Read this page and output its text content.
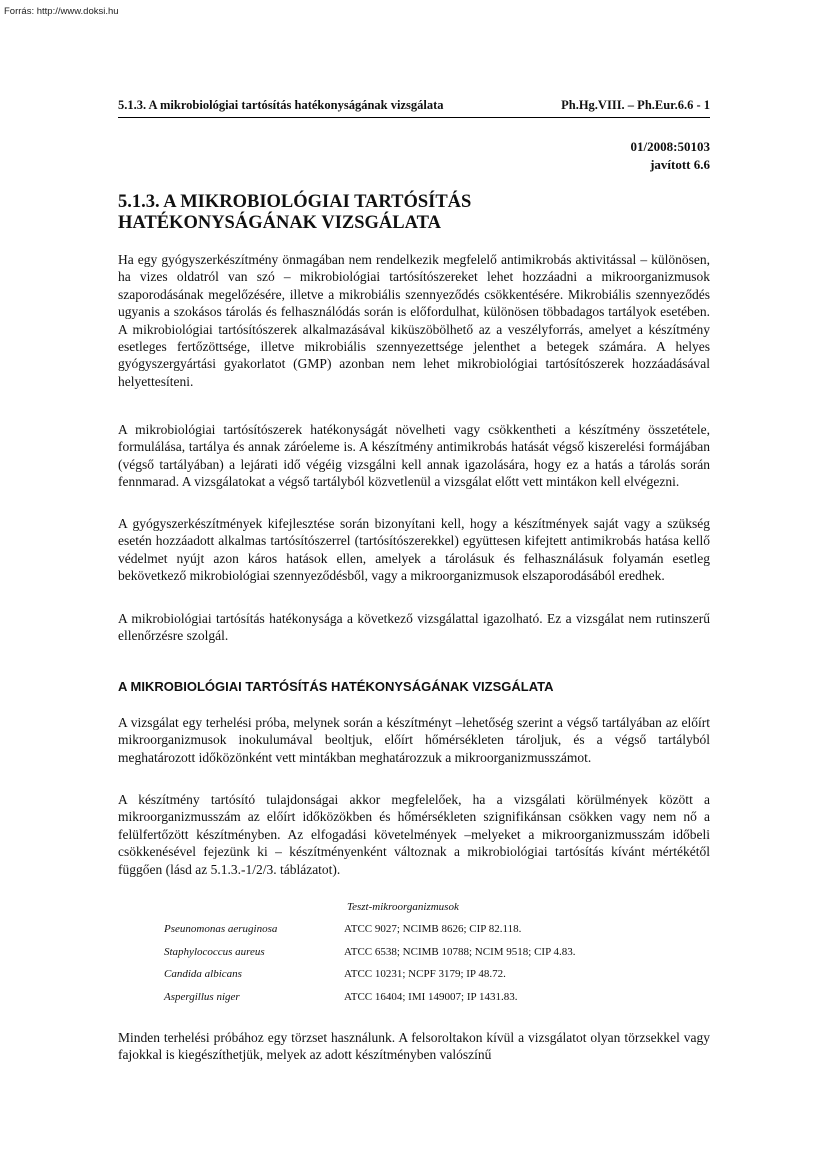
Forrás: http://www.doksi.hu
5.1.3. A mikrobiológiai tartósítás hatékonyságának vizsgálata	Ph.Hg.VIII. – Ph.Eur.6.6 - 1
01/2008:50103
javított 6.6
5.1.3. A MIKROBIOLÓGIAI TARTÓSÍTÁS
HATÉKONYSÁGÁNAK VIZSGÁLATA

Ha egy gyógyszerkészítmény önmagában nem rendelkezik megfelelő antimikrobás aktivitással – különösen, ha vizes oldatról van szó – mikrobiológiai tartósítószereket lehet hozzáadni a mikroorganizmusok szaporodásának megelőzésére, illetve a mikrobiális szennyeződés csökkentésére. Mikrobiális szennyeződés ugyanis a szokásos tárolás és felhasználódás során is előfordulhat, különösen többadagos tartályok esetében. A mikrobiológiai tartósítószerek alkalmazásával kiküszöbölhető az a veszélyforrás, amelyet a készítmény esetleges fertőzöttsége, illetve mikrobiális szennyezettsége jelenthet a betegek számára. A helyes gyógyszergyártási gyakorlatot (GMP) azonban nem lehet mikrobiológiai tartósítószerek hozzáadásával helyettesíteni.

A mikrobiológiai tartósítószerek hatékonyságát növelheti vagy csökkentheti a készítmény összetétele, formulálása, tartálya és annak záróeleme is. A készítmény antimikrobás hatását végső kiszerelési formájában (végső tartályában) a lejárati idő végéig vizsgálni kell annak igazolására, hogy ez a hatás a tárolás során fennmarad. A vizsgálatokat a végső tartályból közvetlenül a vizsgálat előtt vett mintákon kell elvégezni.

A gyógyszerkészítmények kifejlesztése során bizonyítani kell, hogy a készítmények saját vagy a szükség esetén hozzáadott alkalmas tartósítószerrel (tartósítószerekkel) együttesen kifejtett antimikrobás hatása kellő védelmet nyújt azon káros hatások ellen, amelyek a tárolásuk és felhasználásuk folyamán esetleg bekövetkező mikrobiológiai szennyeződésből, vagy a mikroorganizmusok elszaporodásából eredhek.

A mikrobiológiai tartósítás hatékonysága a következő vizsgálattal igazolható. Ez a vizsgálat nem rutinszerű ellenőrzésre szolgál.

A MIKROBIOLÓGIAI TARTÓSÍTÁS HATÉKONYSÁGÁNAK VIZSGÁLATA

A vizsgálat egy terhelési próba, melynek során a készítményt –lehetőség szerint a végső tartályában az előírt mikroorganizmusok inokulumával beoltjuk, előírt hőmérsékleten tároljuk, és a végső tartályból meghatározott időközönként vett mintákban meghatározzuk a mikroorganizmusszámot.

A készítmény tartósító tulajdonságai akkor megfelelőek, ha a vizsgálati körülmények között a mikroorganizmusszám az előírt időközökben és hőmérsékleten szignifikánsan csökken vagy nem nő a felülfertőzött készítményben. Az elfogadási követelmények –melyeket a mikroorganizmusszám időbeli csökkenésével fejezünk ki – készítményenként változnak a mikrobiológiai tartósítás kívánt mértékétől függően (lásd az 5.1.3.-1/2/3. táblázatot).

Teszt-mikroorganizmusok
Pseunomonas aeruginosa	ATCC 9027; NCIMB 8626; CIP 82.118.
Staphylococcus aureus	ATCC 6538; NCIMB 10788; NCIM 9518; CIP 4.83.
Candida albicans	ATCC 10231; NCPF 3179; IP 48.72.
Aspergillus niger	ATCC 16404; IMI 149007; IP 1431.83.

Minden terhelési próbához egy törzset használunk. A felsoroltakon kívül a vizsgálatot olyan törzsekkel vagy fajokkal is kiegészíthetjük, melyek az adott készítményben valószínű
